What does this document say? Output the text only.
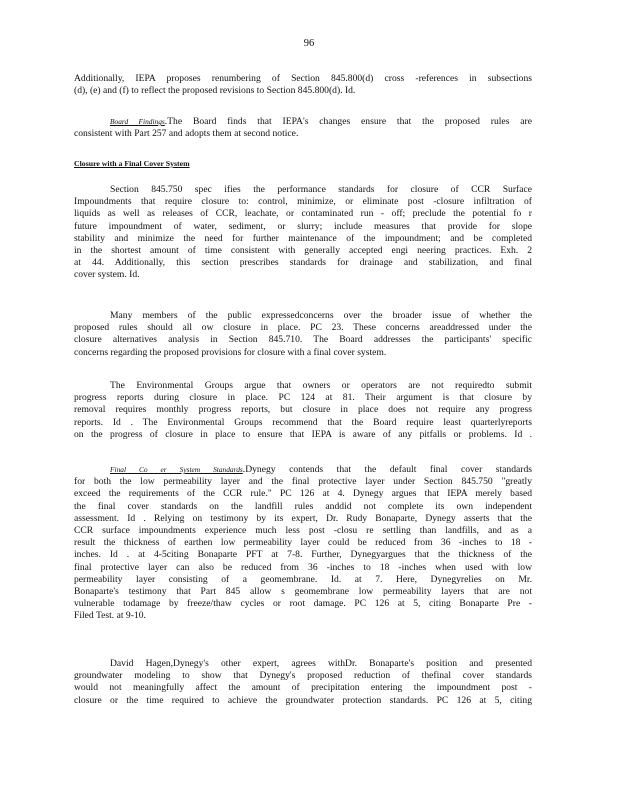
96
Additionally, IEPA proposes renumbering of Section 845.800(d) cross -references in subsections
(d), (e) and (f) to reflect the proposed revisions to Section 845.800(d). Id.
Board Findings.The Board finds that IEPA's changes ensure that the proposed rules are
consistent with Part 257 and adopts them at second notice.
Closure with a Final Cover System
Section 845.750 spec ifies the performance standards for closure of CCR Surface
Impoundments that require closure to: control, minimize, or eliminate post -closure infiltration of
liquids as well as releases of CCR, leachate, or contaminated run - off; preclude the potential fo r
future impoundment of water, sediment, or slurry; include measures that provide for slope
stability and minimize the need for further maintenance of the impoundment; and be completed
in the shortest amount of time consistent with generally accepted engi neering practices. Exh. 2
at 44. Additionally, this section prescribes standards for drainage and stabilization, and final
cover system. Id.
Many members of the public expressedconcerns over the broader issue of whether the
proposed rules should all ow closure in place. PC 23. These concerns areaddressed under the
closure alternatives analysis in Section 845.710. The Board addresses the participants' specific
concerns regarding the proposed provisions for closure with a final cover system.
The Environmental Groups argue that owners or operators are not requiredto submit
progress reports during closure in place. PC 124 at 81. Their argument is that closure by
removal requires monthly progress reports, but closure in place does not require any progress
reports. Id . The Environmental Groups recommend that the Board require least quarterlyreports
on the progress of closure in place to ensure that IEPA is aware of any pitfalls or problems. Id .
Final Co er System Standards.Dynegy contends that the default final cover standards
for both the low permeability layer and the final protective layer under Section 845.750 "greatly
exceed the requirements of the CCR rule." PC 126 at 4. Dynegy argues that IEPA merely based
the final cover standards on the landfill rules anddid not complete its own independent
assessment. Id . Relying on testimony by its expert, Dr. Rudy Bonaparte, Dynegy asserts that the
CCR surface impoundments experience much less post -closu re settling than landfills, and as a
result the thickness of earthen low permeability layer could be reduced from 36 -inches to 18 -
inches. Id . at 4-5citing Bonaparte PFT at 7-8. Further, Dynegyargues that the thickness of the
final protective layer can also be reduced from 36 -inches to 18 -inches when used with low
permeability layer consisting of a geomembrane. Id. at 7. Here, Dynegyrelies on Mr.
Bonaparte's testimony that Part 845 allow s geomembrane low permeability layers that are not
vulnerable todamage by freeze/thaw cycles or root damage. PC 126 at 5, citing Bonaparte Pre -
Filed Test. at 9-10.
David Hagen,Dynegy's other expert, agrees withDr. Bonaparte's position and presented
groundwater modeling to show that Dynegy's proposed reduction of thefinal cover standards
would not meaningfully affect the amount of precipitation entering the impoundment post -
closure or the time required to achieve the groundwater protection standards. PC 126 at 5, citing
